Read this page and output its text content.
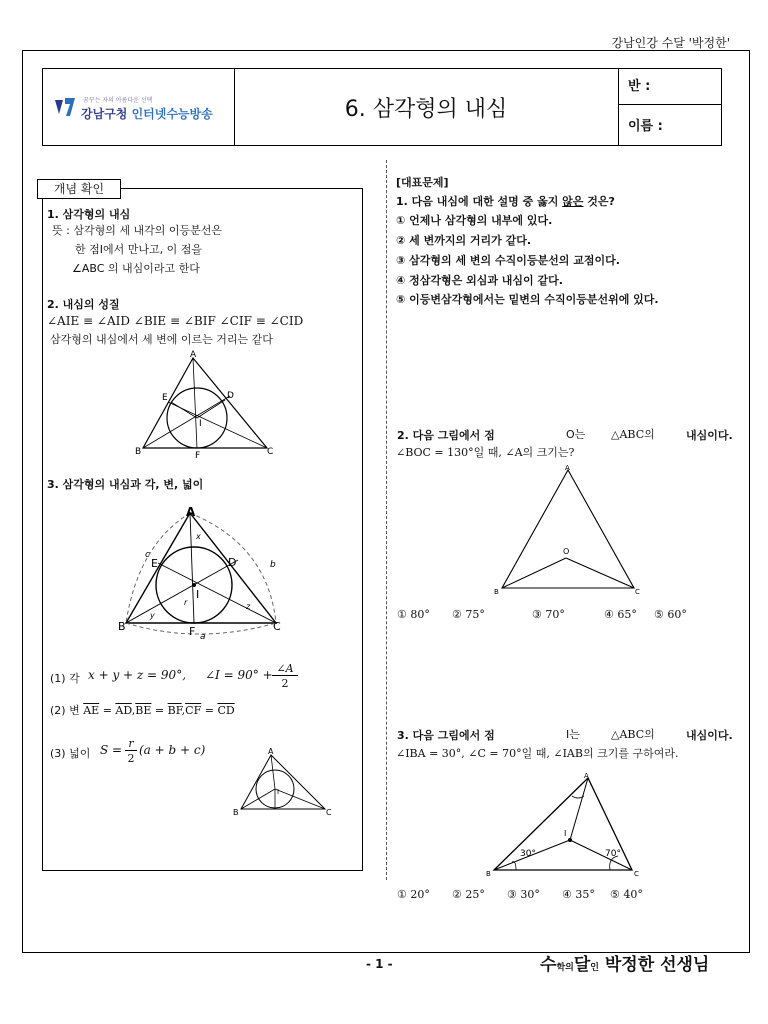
강남인강 수달 '박정한'
꿈꾸는 자의 아름다운 선택
강남구청 인터넷수능방송	6. 삼각형의 내심
반 :
이름 :
개념 확인
1. 삼각형의 내심
뜻 : 삼각형의 세 내각의 이등분선은
한 점I에서 만나고, 이 점을
∠ABC 의 내심이라고 한다
2. 내심의 성질
∠AIE ≡ ∠AID ∠BIE ≡ ∠BIF ∠CIF ≡ ∠CID
삼각형의 내심에서 세 변에 이르는 거리는 같다
A
B	C
D
E
F
I
3. 삼각형의 내심과 각, 변, 넓이
A
B	C
D
E
F
I
a
b
c
r
x
y
z
(1) 각 x + y + z = 90°, ∠I = 90° + ∠A
2
(2) 변 $\overline{AE} = \overline{AD},\overline{BE} = \overline{BF},\overline{CF} = \overline{CD}$
(3) 넓이 S = r
2
(a + b + c)	A
B	C
I
[대표문제]
1. 다음 내심에 대한 설명 중 옳지 않은 것은?
① 언제나 삼각형의 내부에 있다.
② 세 변까지의 거리가 같다.
③ 삼각형의 세 변의 수직이등분선의 교점이다.
④ 정삼각형은 외심과 내심이 같다.
⑤ 이등변삼각형에서는 밑변의 수직이등분선위에 있다.
2. 다음 그림에서 점	O는 △ABC의	내심이다.
∠BOC = 130°일 때, ∠A의 크기는?
A
B	C
O
① 80° ② 75°	③ 70°	④ 65° ⑤ 60°
3. 다음 그림에서 점	I는	△ABC의	내심이다.
∠IBA = 30°, ∠C = 70°일 때, ∠IAB의 크기를 구하여라.
A
B	C
I
30°	70°
① 20° ② 25° ③ 30° ④ 35° ⑤ 40°
- 1 -	수학의달인 박정한 선생님
